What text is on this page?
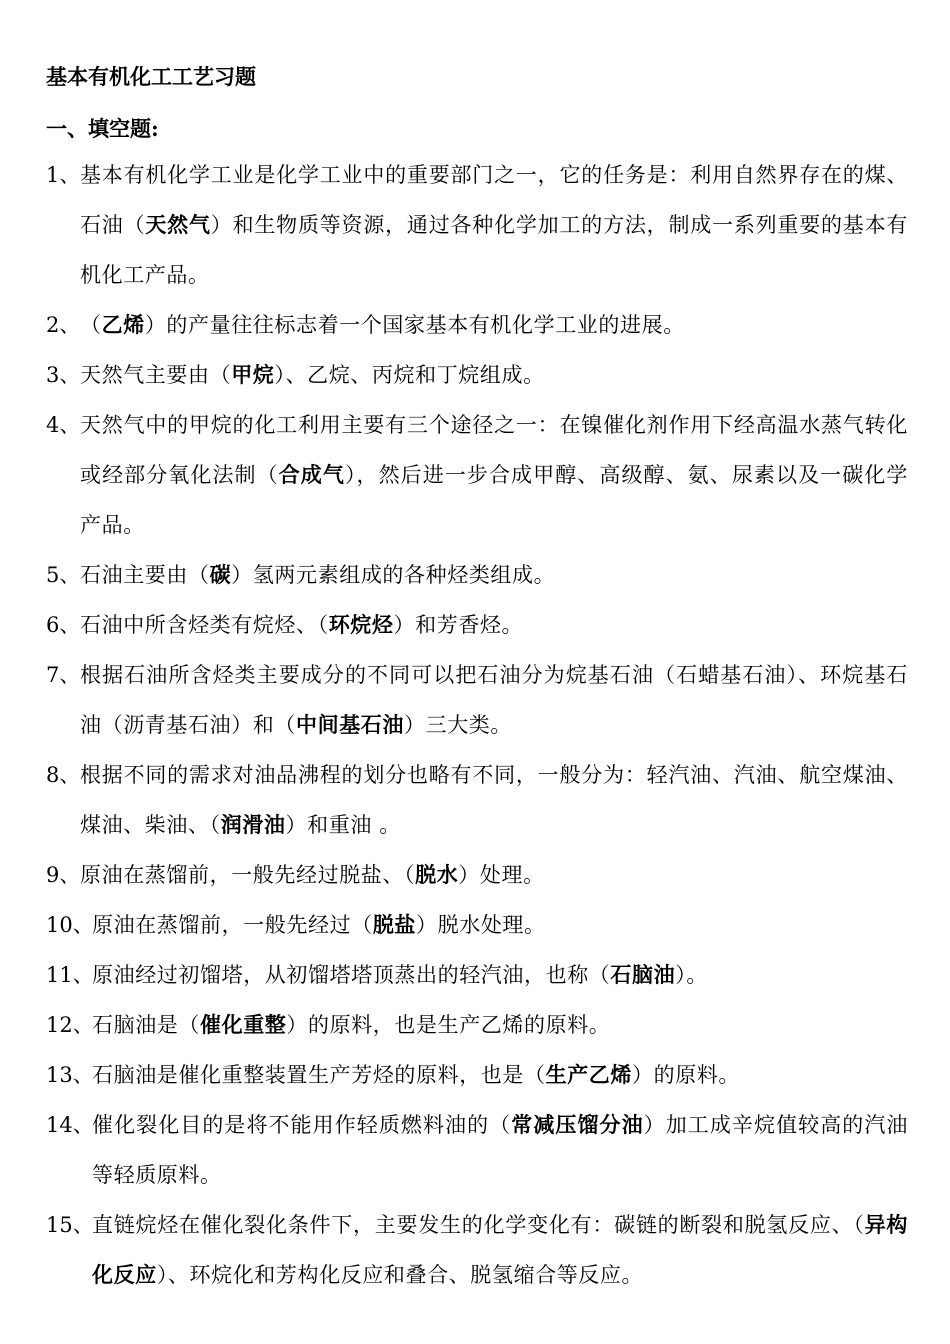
基本有机化工工艺习题
一、填空题:

1、 基本有机化学工业是化学工业中的重要部门之一，它的任务是：利用自然界存在的煤、石油（天然气）和生物质等资源，通过各种化学加工的方法，制成一系列重要的基本有机化工产品。

2、 （乙烯）的产量往往标志着一个国家基本有机化学工业的进展。

3、 天然气主要由（甲烷）、乙烷、丙烷和丁烷组成。

4、 天然气中的甲烷的化工利用主要有三个途径之一：在镍催化剂作用下经高温水蒸气转化或经部分氧化法制（合成气），然后进一步合成甲醇、高级醇、氨、尿素以及一碳化学产品。

5、 石油主要由（碳）氢两元素组成的各种烃类组成。

6、 石油中所含烃类有烷烃、（环烷烃）和芳香烃。

7、 根据石油所含烃类主要成分的不同可以把石油分为烷基石油（石蜡基石油）、环烷基石油（沥青基石油）和（中间基石油）三大类。

8、 根据不同的需求对油品沸程的划分也略有不同，一般分为：轻汽油、汽油、航空煤油、煤油、柴油、（润滑油）和重油 。

9、 原油在蒸馏前，一般先经过脱盐、（脱水）处理。

10、
原油在蒸馏前，一般先经过（脱盐）脱水处理。

11、
原油经过初馏塔，从初馏塔塔顶蒸出的轻汽油，也称（石脑油）。

12、
石脑油是（催化重整）的原料，也是生产乙烯的原料。

13、
石脑油是催化重整装置生产芳烃的原料，也是（生产乙烯）的原料。

14、
催化裂化目的是将不能用作轻质燃料油的（常减压馏分油）加工成辛烷值较高的汽油等轻质原料。

15、
直链烷烃在催化裂化条件下，主要发生的化学变化有：碳链的断裂和脱氢反应、（异构化反应）、环烷化和芳构化反应和叠合、脱氢缩合等反应。
